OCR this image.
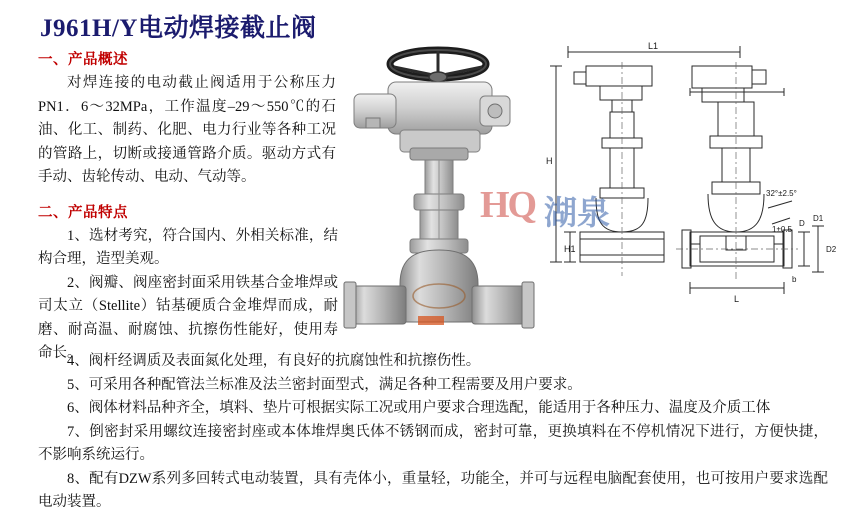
J961H/Y电动焊接截止阀
L1
H
H1
L
D
D1
D2
b
32°±2.5°
1±0.5
HQ 湖泉

一、产品概述

对焊连接的电动截止阀适用于公称压力PN1．6～32MPa，工作温度–29～550℃的石油、化工、制药、化肥、电力行业等各种工况的管路上，切断或接通管路介质。驱动方式有手动、齿轮传动、电动、气动等。

二、产品特点

1、选材考究，符合国内、外相关标准，结构合理，造型美观。

2、阀瓣、阀座密封面采用铁基合金堆焊或司太立（Stellite）钴基硬质合金堆焊而成，耐磨、耐高温、耐腐蚀、抗擦伤性能好，使用寿命长。

4、阀杆经调质及表面氮化处理，有良好的抗腐蚀性和抗擦伤性。

5、可采用各种配管法兰标准及法兰密封面型式，满足各种工程需要及用户要求。

6、阀体材料品种齐全，填料、垫片可根据实际工况或用户要求合理选配，能适用于各种压力、温度及介质工体

7、倒密封采用螺纹连接密封座或本体堆焊奥氏体不锈钢而成，密封可靠，更换填料在不停机情况下进行，方便快捷，不影响系统运行。

8、配有DZW系列多回转式电动装置，具有壳体小，重量轻，功能全，并可与远程电脑配套使用，也可按用户要求选配电动装置。
